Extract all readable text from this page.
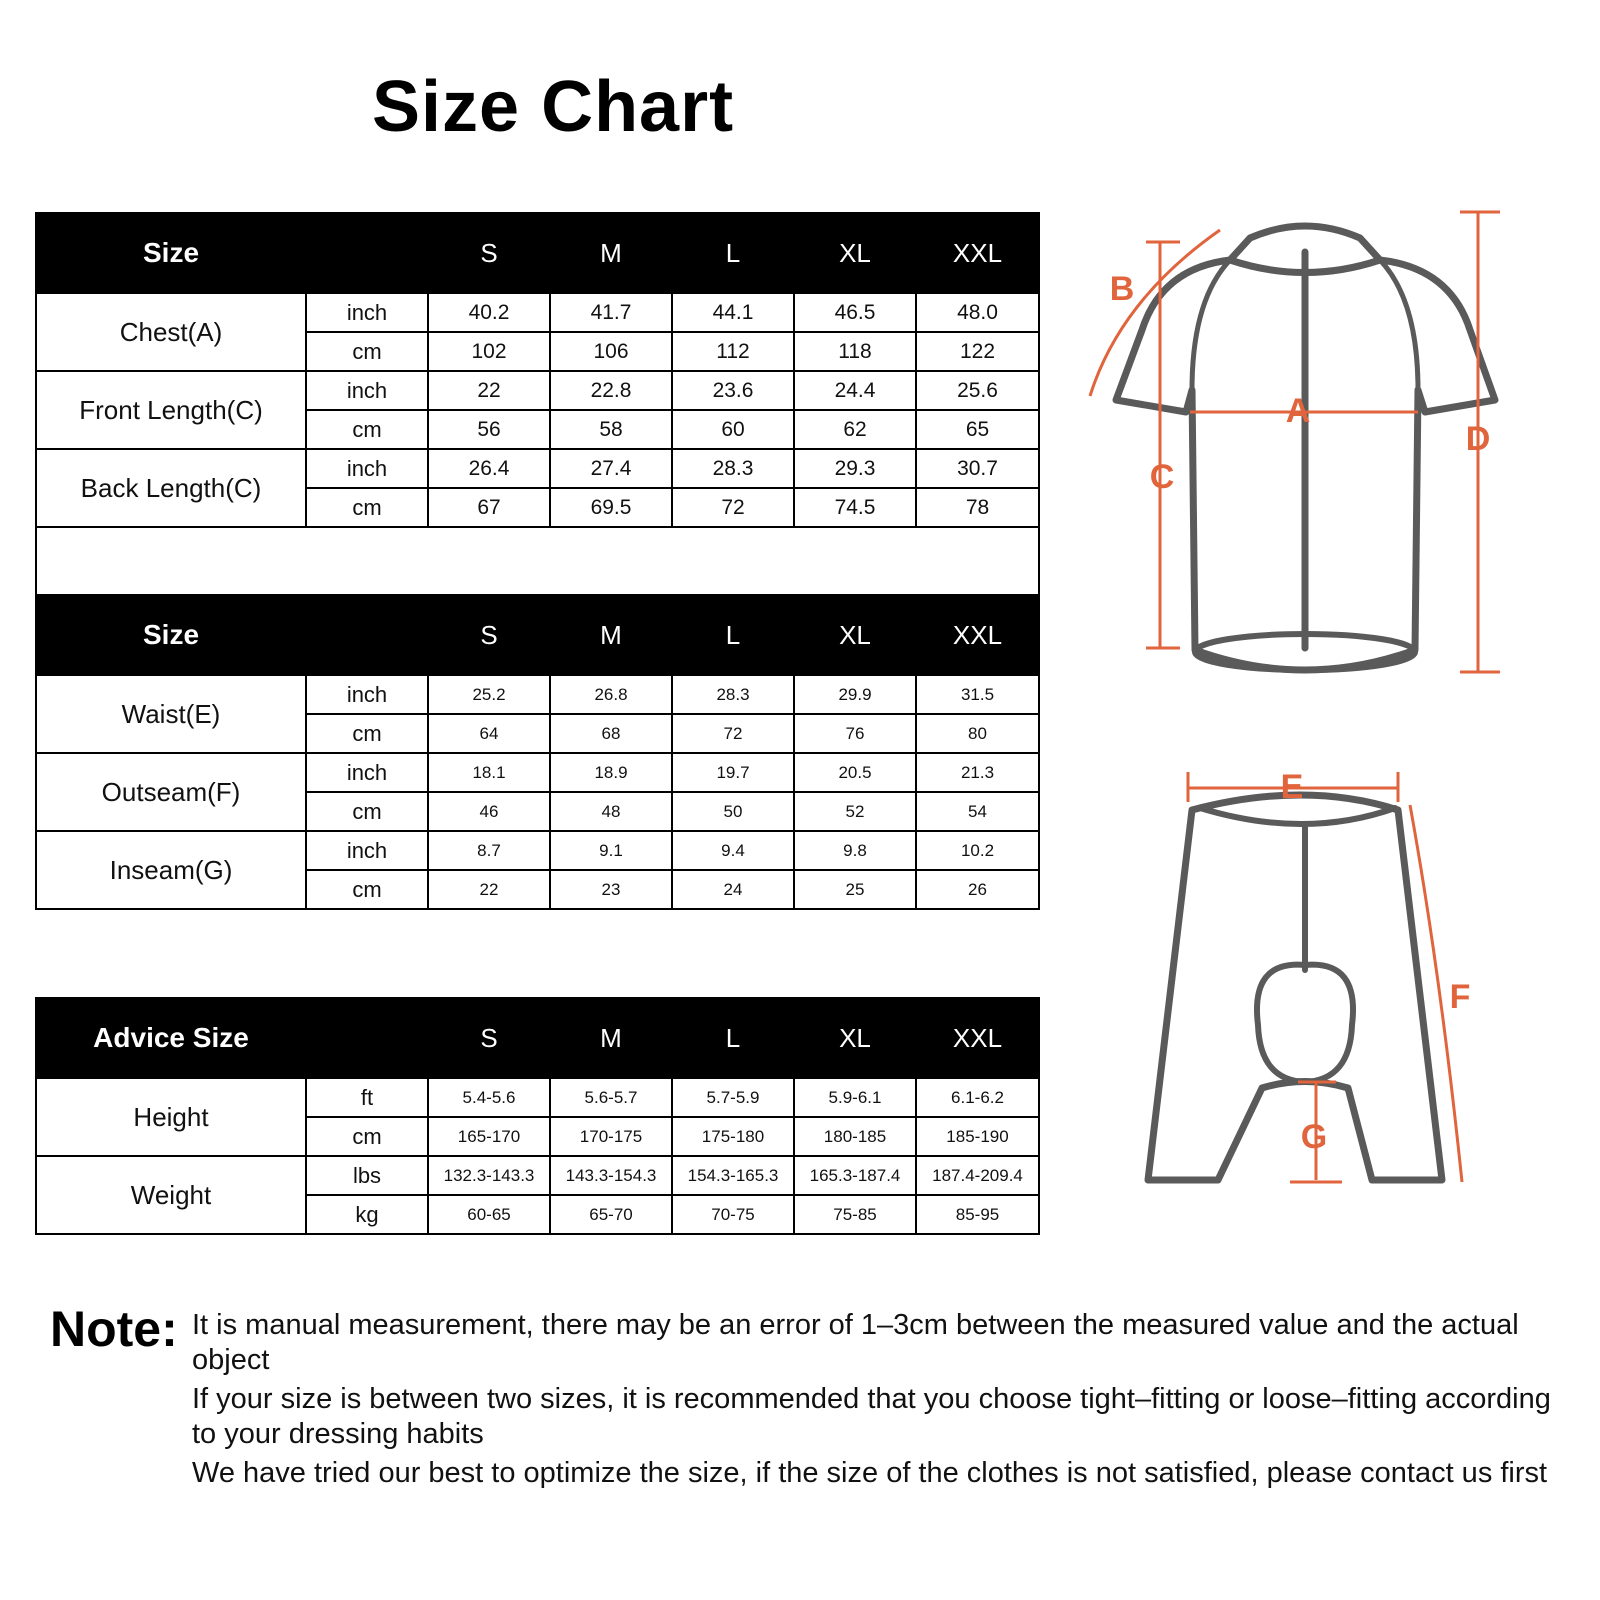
Size Chart
Size		S	M	L	XL	XXL
Chest(A)	inch	40.2	41.7	44.1	46.5	48.0
	cm	102	106	112	118	122
Front Length(C)	inch	22	22.8	23.6	24.4	25.6
	cm	56	58	60	62	65
Back Length(C)	inch	26.4	27.4	28.3	29.3	30.7
	cm	67	69.5	72	74.5	78

Size		S	M	L	XL	XXL
Waist(E)	inch	25.2	26.8	28.3	29.9	31.5
	cm	64	68	72	76	80
Outseam(F)	inch	18.1	18.9	19.7	20.5	21.3
	cm	46	48	50	52	54
Inseam(G)	inch	8.7	9.1	9.4	9.8	10.2
	cm	22	23	24	25	26
Advice Size		S	M	L	XL	XXL
Height	ft	5.4-5.6	5.6-5.7	5.7-5.9	5.9-6.1	6.1-6.2
	cm	165-170	170-175	175-180	180-185	185-190
Weight	lbs	132.3-143.3	143.3-154.3	154.3-165.3	165.3-187.4	187.4-209.4
	kg	60-65	65-70	70-75	75-85	85-95
A
B
C
D
E
F
G
Note: It is manual measurement, there may be an error of 1–3cm between the measured value and the actual object
If your size is between two sizes, it is recommended that you choose tight–fitting or loose–fitting according to your dressing habits
We have tried our best to optimize the size, if the size of the clothes is not satisfied, please contact us first
